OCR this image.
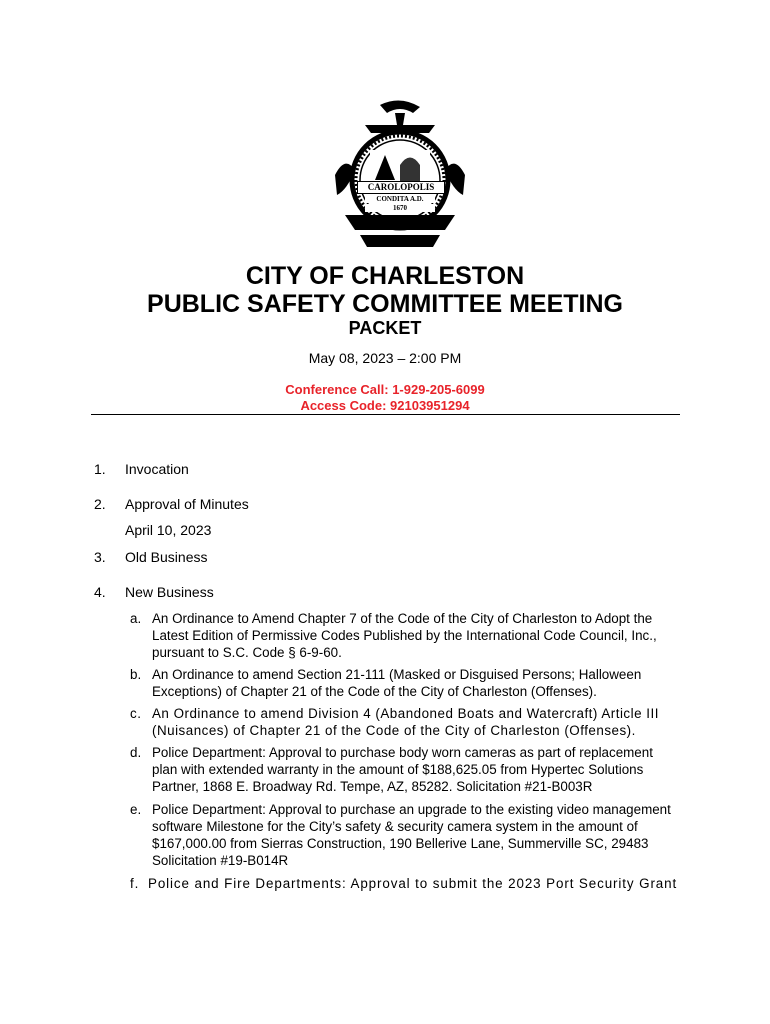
CAROLOPOLIS
CONDITA A.D.
1670
CITY OF CHARLESTON
PUBLIC SAFETY COMMITTEE MEETING
PACKET
May 08, 2023 – 2:00 PM
Conference Call: 1-929-205-6099
Access Code: 92103951294
1. Invocation
2. Approval of Minutes
April 10, 2023
3. Old Business
4. New Business
a. An Ordinance to Amend Chapter 7 of the Code of the City of Charleston to Adopt the Latest Edition of Permissive Codes Published by the International Code Council, Inc., pursuant to S.C. Code § 6-9-60.
b. An Ordinance to amend Section 21-111 (Masked or Disguised Persons; Halloween Exceptions) of Chapter 21 of the Code of the City of Charleston (Offenses).
c. An Ordinance to amend Division 4 (Abandoned Boats and Watercraft) Article III (Nuisances) of Chapter 21 of the Code of the City of Charleston (Offenses).
d. Police Department: Approval to purchase body worn cameras as part of replacement plan with extended warranty in the amount of $188,625.05 from Hypertec Solutions Partner, 1868 E. Broadway Rd. Tempe, AZ, 85282. Solicitation #21-B003R
e. Police Department: Approval to purchase an upgrade to the existing video management software Milestone for the City’s safety & security camera system in the amount of $167,000.00 from Sierras Construction, 190 Bellerive Lane, Summerville SC, 29483 Solicitation #19-B014R
f. Police and Fire Departments: Approval to submit the 2023 Port Security Grant
